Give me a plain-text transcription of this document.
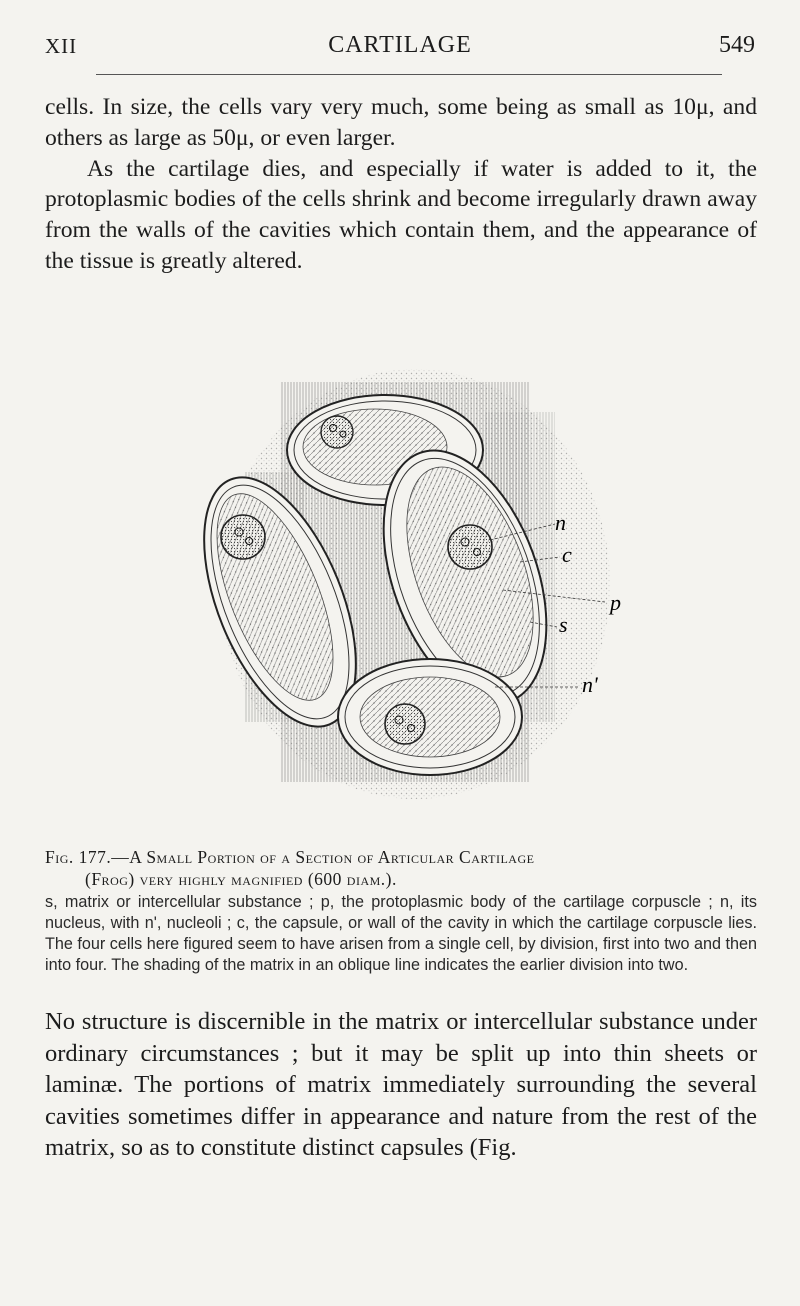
XII	CARTILAGE	549

cells. In size, the cells vary very much, some being as small as 10μ, and others as large as 50μ, or even larger.

As the cartilage dies, and especially if water is added to it, the protoplasmic bodies of the cells shrink and become irregularly drawn away from the walls of the cavities which contain them, and the appearance of the tissue is greatly altered.

n
c
p
s
n'
Fig. 177.—A Small Portion of a Section of Articular Cartilage
(Frog) very highly magnified (600 diam.).

s, matrix or intercellular substance ; p, the protoplasmic body of the cartilage corpuscle ; n, its nucleus, with n', nucleoli ; c, the capsule, or wall of the cavity in which the cartilage corpuscle lies. The four cells here figured seem to have arisen from a single cell, by division, first into two and then into four. The shading of the matrix in an oblique line indicates the earlier division into two.

No structure is discernible in the matrix or intercellular substance under ordinary circumstances ; but it may be split up into thin sheets or laminæ. The portions of matrix immediately surrounding the several cavities sometimes differ in appearance and nature from the rest of the matrix, so as to constitute distinct capsules (Fig.
